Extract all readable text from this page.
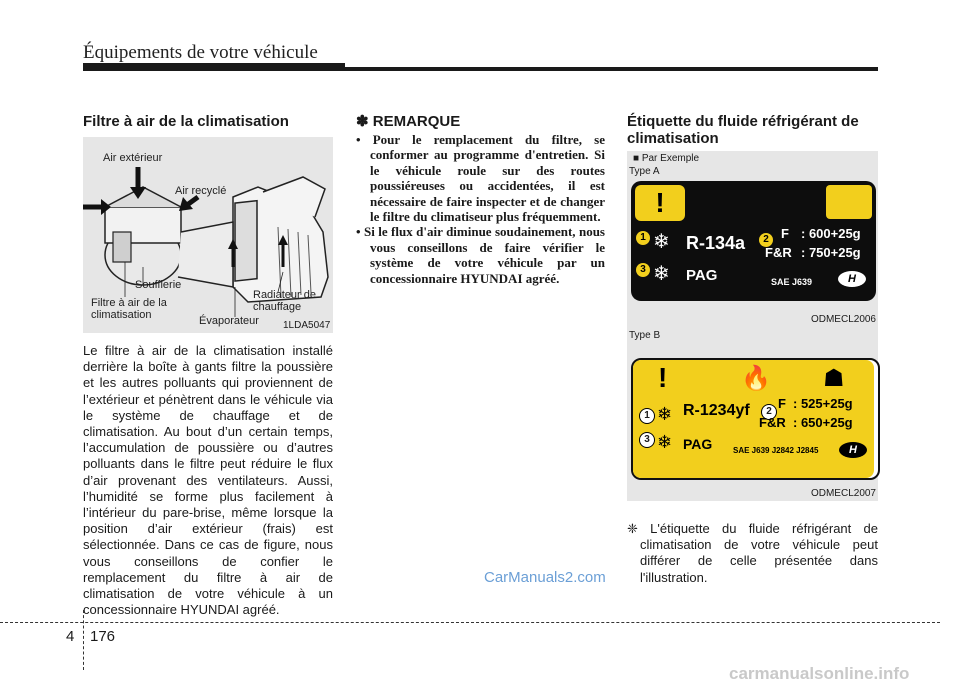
Équipements de votre véhicule
Filtre à air de la climatisation
Air extérieur
Air recyclé
Soufflerie
Filtre à air de la climatisation	Évaporateur
Radiateur de chauffage
1LDA5047

Le filtre à air de la climatisation installé derrière la boîte à gants filtre la poussière et les autres polluants qui proviennent de l’extérieur et pénètrent dans le véhicule via le système de chauffage et de climatisation. Au bout d’un certain temps, l’accumulation de poussière ou d’autres polluants dans le filtre peut réduire le flux d’air provenant des ventilateurs. Aussi, l’humidité se forme plus facilement à l’intérieur du pare-brise, même lorsque la position d’air extérieur (frais) est sélectionnée. Dans ce cas de figure, nous vous conseillons de confier le remplacement du filtre à air de climatisation de votre véhicule à un concessionnaire HYUNDAI agréé.

✽ REMARQUE

• Pour le remplacement du filtre, se conformer au programme d'entretien. Si le véhicule roule sur des routes poussiéreuses ou accidentées, il est nécessaire de faire inspecter et de changer le filtre du climatiseur plus fréquemment.

• Si le flux d'air diminue soudainement, nous vous conseillons de faire vérifier le système de votre véhicule par un concessionnaire HYUNDAI agréé.

CarManuals2.com
Étiquette du fluide réfrigérant de climatisation
■ Par Exemple
Type A
!
R-134a
1
3
2
❄
❄ PAG
F : 600+25g
F&R : 750+25g
SAE J639	H
ODMECL2006
Type B
!	🔥 ☗
R-1234yf
1
3
2
❄
❄ PAG
F : 525+25g
F&R : 650+25g
SAE J639 J2842 J2845	H
ODMECL2007

❈ L'étiquette du fluide réfrigérant de climatisation de votre véhicule peut différer de celle présentée dans l'illustration.

4 176
carmanualsonline.info
